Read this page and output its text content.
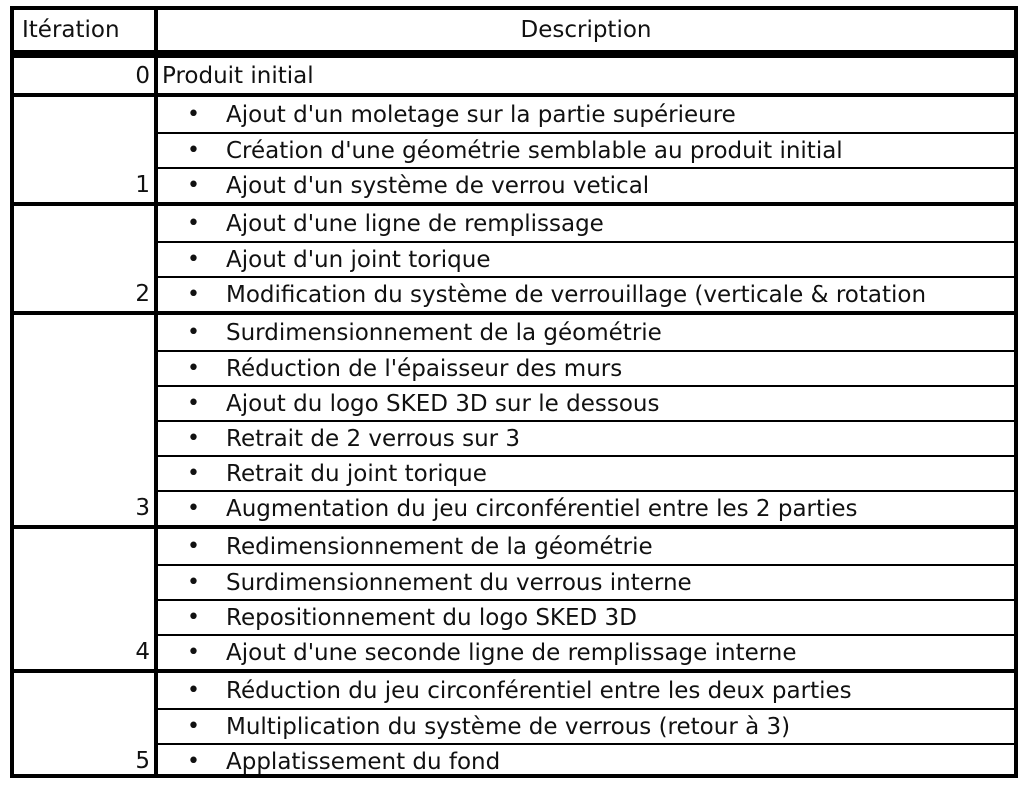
Itération	Description
0 Produit initial
1
• Ajout d'un moletage sur la partie supérieure
• Création d'une géométrie semblable au produit initial
• Ajout d'un système de verrou vetical
2
• Ajout d'une ligne de remplissage
• Ajout d'un joint torique
• Modification du système de verrouillage (verticale & rotation
3
• Surdimensionnement de la géométrie
• Réduction de l'épaisseur des murs
• Ajout du logo SKED 3D sur le dessous
• Retrait de 2 verrous sur 3
• Retrait du joint torique
• Augmentation du jeu circonférentiel entre les 2 parties
4
• Redimensionnement de la géométrie
• Surdimensionnement du verrous interne
• Repositionnement du logo SKED 3D
• Ajout d'une seconde ligne de remplissage interne
5
• Réduction du jeu circonférentiel entre les deux parties
• Multiplication du système de verrous (retour à 3)
• Applatissement du fond
